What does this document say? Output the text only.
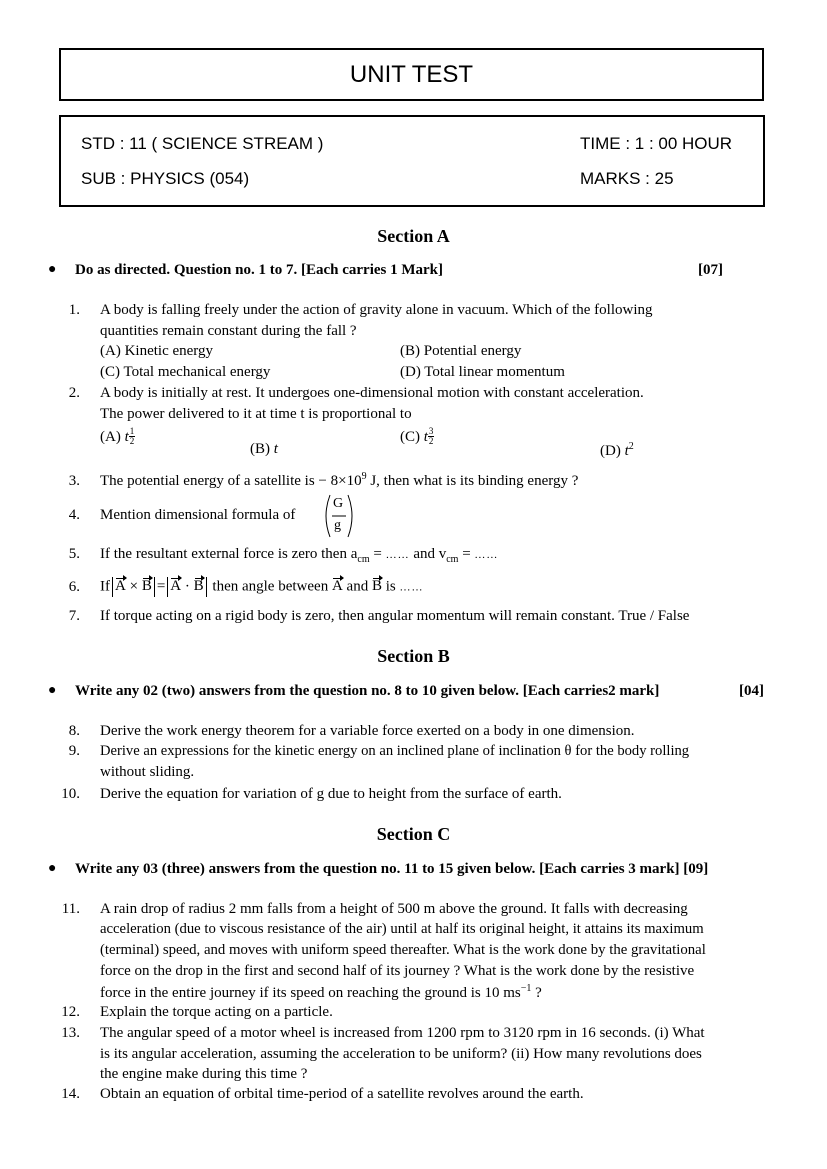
UNIT TEST
STD : 11 ( SCIENCE STREAM )	TIME : 1 : 00 HOUR
SUB : PHYSICS (054)	MARKS : 25
Section A
● Do as directed. Question no. 1 to 7. [Each carries 1 Mark]	[07]
1. A body is falling freely under the action of gravity alone in vacuum. Which of the following
quantities remain constant during the fall ?
(A) Kinetic energy	(B) Potential energy
(C) Total mechanical energy	(D) Total linear momentum
2. A body is initially at rest. It undergoes one-dimensional motion with constant acceleration.
The power delivered to it at time t is proportional to
(A) t $\frac{1}{2}$
(B) t
(C) t $\frac{3}{2}$
(D) $t^2$
3. The potential energy of a satellite is − $8\times 10^9$ J, then what is its binding energy ?
4. Mention dimensional formula of
G
g
5. If the resultant external force is zero then $a_{cm}$ = …… and $v_{cm}$ = ……
6. If A × B = A · B then angle between A and B is ……
7. If torque acting on a rigid body is zero, then angular momentum will remain constant. True / False
Section B
● Write any 02 (two) answers from the question no. 8 to 10 given below. [Each carries2 mark]	[04]
8. Derive the work energy theorem for a variable force exerted on a body in one dimension.
9. Derive an expressions for the kinetic energy on an inclined plane of inclination θ for the body rolling
without sliding.
10. Derive the equation for variation of g due to height from the surface of earth.
Section C
● Write any 03 (three) answers from the question no. 11 to 15 given below. [Each carries 3 mark] [09]
11. A rain drop of radius 2 mm falls from a height of 500 m above the ground. It falls with decreasing
acceleration (due to viscous resistance of the air) until at half its original height, it attains its maximum
(terminal) speed, and moves with uniform speed thereafter. What is the work done by the gravitational
force on the drop in the first and second half of its journey ? What is the work done by the resistive
force in the entire journey if its speed on reaching the ground is 10 $ms^{-1}$ ?
12. Explain the torque acting on a particle.
13. The angular speed of a motor wheel is increased from 1200 rpm to 3120 rpm in 16 seconds. (i) What
is its angular acceleration, assuming the acceleration to be uniform? (ii) How many revolutions does
the engine make during this time ?
14. Obtain an equation of orbital time-period of a satellite revolves around the earth.
